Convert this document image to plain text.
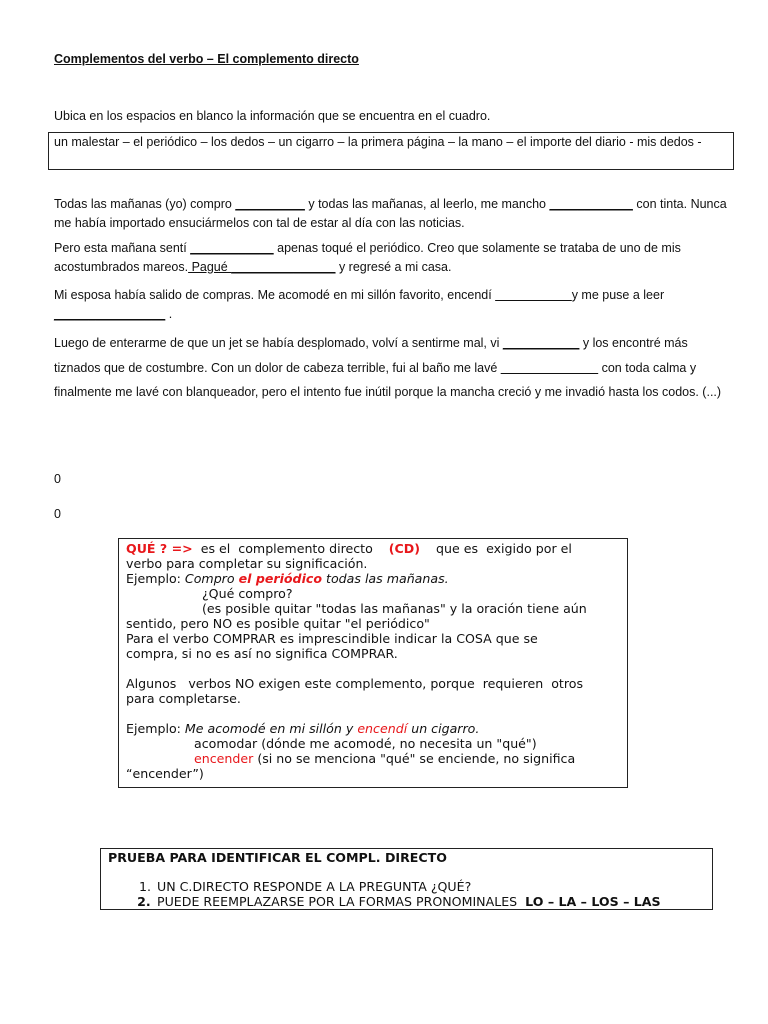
Complementos del verbo – El complemento directo
Ubica en los espacios en blanco la información que se encuentra en el cuadro.
un malestar – el periódico – los dedos – un cigarro – la primera página – la mano – el importe del diario - mis dedos -
Todas las mañanas (yo) compro __________ y todas las mañanas, al leerlo, me mancho ____________ con tinta. Nunca me había importado ensuciármelos con tal de estar al día con las noticias.
Pero esta mañana sentí ____________ apenas toqué el periódico. Creo que solamente se trataba de uno de mis acostumbrados mareos. Pagué _______________ y regresé a mi casa.
Mi esposa había salido de compras. Me acomodé en mi sillón favorito, encendí ___________y me puse a leer ________________ .
Luego de enterarme de que un jet se había desplomado, volví a sentirme mal, vi ___________ y los encontré más tiznados que de costumbre. Con un dolor de cabeza terrible, fui al baño me lavé ______________ con toda calma y finalmente me lavé con blanqueador, pero el intento fue inútil porque la mancha creció y me invadió hasta los codos. (...)
0
0
QUÉ ? =>  es el  complemento directo    (CD)    que es  exigido por el
verbo para completar su significación.
Ejemplo: Compro el periódico todas las mañanas.
¿Qué compro?
(es posible quitar "todas las mañanas" y la oración tiene aún
sentido, pero NO es posible quitar "el periódico"
Para el verbo COMPRAR es imprescindible indicar la COSA que se
compra, si no es así no significa COMPRAR.
Algunos   verbos NO exigen este complemento, porque  requieren  otros
para completarse.
Ejemplo: Me acomodé en mi sillón y encendí un cigarro.
acomodar (dónde me acomodé, no necesita un "qué")
encender (si no se menciona "qué" se enciende, no significa
“encender”)
PRUEBA PARA IDENTIFICAR EL COMPL. DIRECTO
1. UN C.DIRECTO RESPONDE A LA PREGUNTA ¿QUÉ?
2. PUEDE REEMPLAZARSE POR LA FORMAS PRONOMINALES  LO – LA – LOS – LAS
